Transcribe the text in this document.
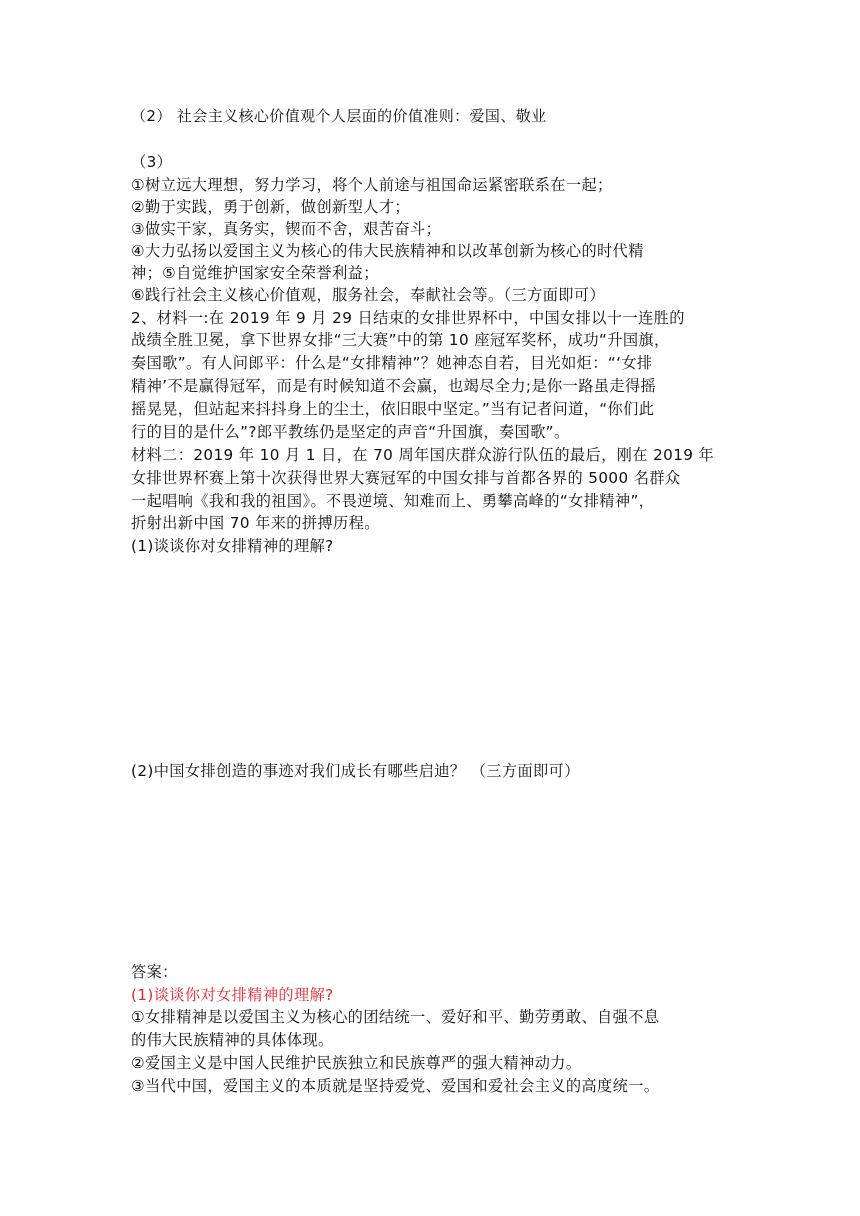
（2） 社会主义核心价值观个人层面的价值准则：爱国、敬业

（3）

①树立远大理想，努力学习，将个人前途与祖国命运紧密联系在一起；

②勤于实践，勇于创新，做创新型人才；

③做实干家，真务实，锲而不舍，艰苦奋斗；

④大力弘扬以爱国主义为核心的伟大民族精神和以改革创新为核心的时代精

神；⑤自觉维护国家安全荣誉利益；

⑥践行社会主义核心价值观，服务社会，奉献社会等。（三方面即可）

2、材料一:在 2019 年 9 月 29 日结束的女排世界杯中，中国女排以十一连胜的

战绩全胜卫冕，拿下世界女排“三大赛”中的第 10 座冠军奖杯，成功“升国旗，

奏国歌”。有人问郎平：什么是“女排精神”？她神态自若，目光如炬：“‘女排

精神’不是赢得冠军，而是有时候知道不会赢，也竭尽全力;是你一路虽走得摇

摇晃晃，但站起来抖抖身上的尘土，依旧眼中坚定。”当有记者问道，“你们此

行的目的是什么”?郎平教练仍是坚定的声音“升国旗，奏国歌”。

材料二：2019 年 10 月 1 日，在 70 周年国庆群众游行队伍的最后，刚在 2019 年

女排世界杯赛上第十次获得世界大赛冠军的中国女排与首都各界的 5000 名群众

一起唱响《我和我的祖国》。不畏逆境、知难而上、勇攀高峰的“女排精神”，

折射出新中国 70 年来的拼搏历程。

(1)谈谈你对女排精神的理解?

(2)中国女排创造的事迹对我们成长有哪些启迪？ （三方面即可）

答案：

(1)谈谈你对女排精神的理解?

①女排精神是以爱国主义为核心的团结统一、爱好和平、勤劳勇敢、自强不息

的伟大民族精神的具体体现。

②爱国主义是中国人民维护民族独立和民族尊严的强大精神动力。

③当代中国，爱国主义的本质就是坚持爱党、爱国和爱社会主义的高度统一。
